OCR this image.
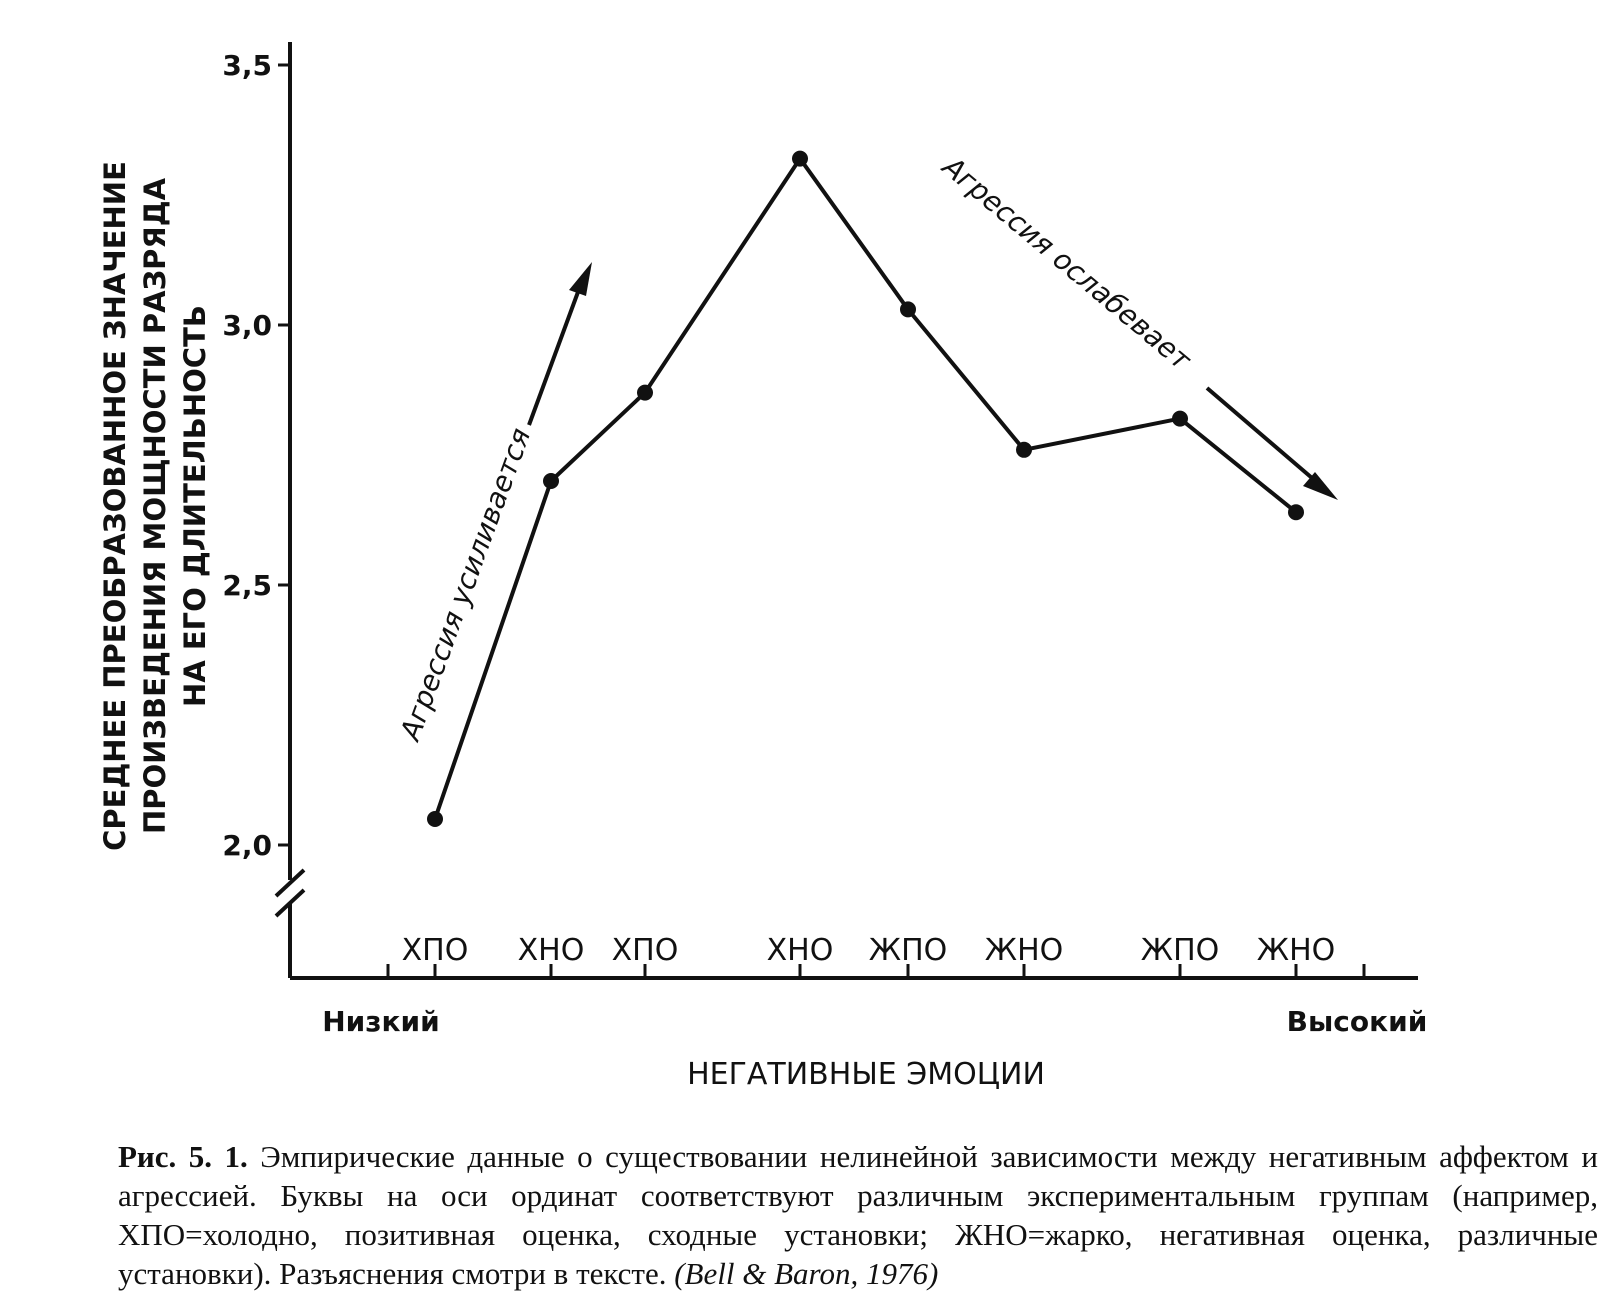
2,0
2,5
3,0
3,5
ХПО ХНО ХПО	ХНО ЖПО ЖНО	ЖПО ЖНО
Агрессия усиливается
Агрессия ослабевает
СРЕДНЕЕ ПРЕОБРАЗОВАННОЕ ЗНАЧЕНИЕ ПРОИЗВЕДЕНИЯ МОЩНОСТИ РАЗРЯДА НА ЕГО ДЛИТЕЛЬНОСТЬ
Низкий	Высокий
НЕГАТИВНЫЕ ЭМОЦИИ
Рис. 5. 1. Эмпирические данные о существовании нелинейной зависимости между негативным аффектом и агрессией. Буквы на оси ординат соответствуют различным экспериментальным группам (например, ХПО=холодно, позитивная оценка, сходные установки; ЖНО=жарко, негативная оценка, различные установки). Разъяснения смотри в тексте. (Bell & Baron, 1976)
